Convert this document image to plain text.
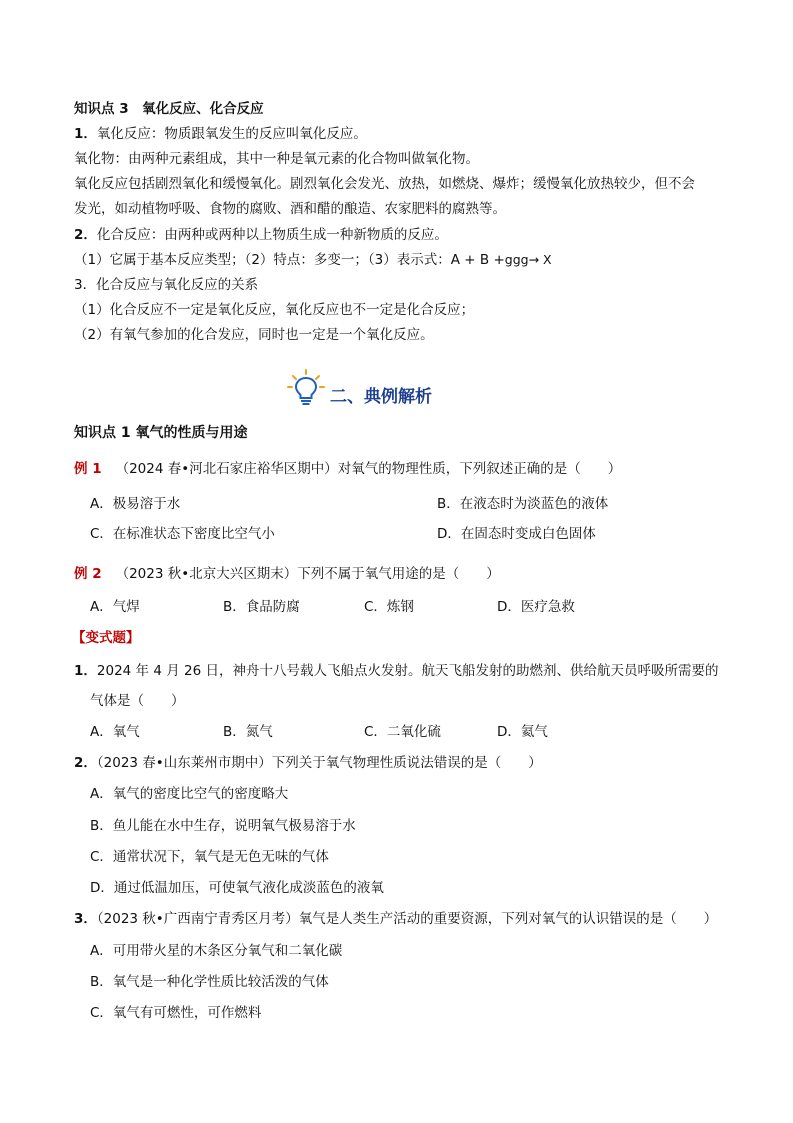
知识点 3　氧化反应、化合反应
1．氧化反应：物质跟氧发生的反应叫氧化反应。
氧化物：由两种元素组成，其中一种是氧元素的化合物叫做氧化物。
氧化反应包括剧烈氧化和缓慢氧化。剧烈氧化会发光、放热，如燃烧、爆炸；缓慢氧化放热较少，但不会
发光，如动植物呼吸、食物的腐败、酒和醋的酿造、农家肥料的腐熟等。
2．化合反应：由两种或两种以上物质生成一种新物质的反应。
（1）它属于基本反应类型；（2）特点：多变一；（3）表示式：A + B +ggg→ X
3．化合反应与氧化反应的关系
（1）化合反应不一定是氧化反应，氧化反应也不一定是化合反应；
（2）有氧气参加的化合发应，同时也一定是一个氧化反应。
二、典例解析
知识点 1 氧气的性质与用途
例 1 （2024 春•河北石家庄裕华区期中）对氧气的物理性质，下列叙述正确的是（　　）
A．极易溶于水	B．在液态时为淡蓝色的液体
C．在标准状态下密度比空气小	D．在固态时变成白色固体
例 2 （2023 秋•北京大兴区期末）下列不属于氧气用途的是（　　）
A．气焊	B．食品防腐	C．炼钢	D．医疗急救
【变式题】
1．2024 年 4 月 26 日，神舟十八号载人飞船点火发射。航天飞船发射的助燃剂、供给航天员呼吸所需要的
气体是（　　）
A．氧气	B．氮气	C．二氧化硫	D．氦气
2．（2023 春•山东莱州市期中）下列关于氧气物理性质说法错误的是（　　）
A．氧气的密度比空气的密度略大
B．鱼儿能在水中生存，说明氧气极易溶于水
C．通常状况下，氧气是无色无味的气体
D．通过低温加压，可使氧气液化成淡蓝色的液氧
3．（2023 秋•广西南宁青秀区月考）氧气是人类生产活动的重要资源，下列对氧气的认识错误的是（　　）
A．可用带火星的木条区分氧气和二氧化碳
B．氧气是一种化学性质比较活泼的气体
C．氧气有可燃性，可作燃料
